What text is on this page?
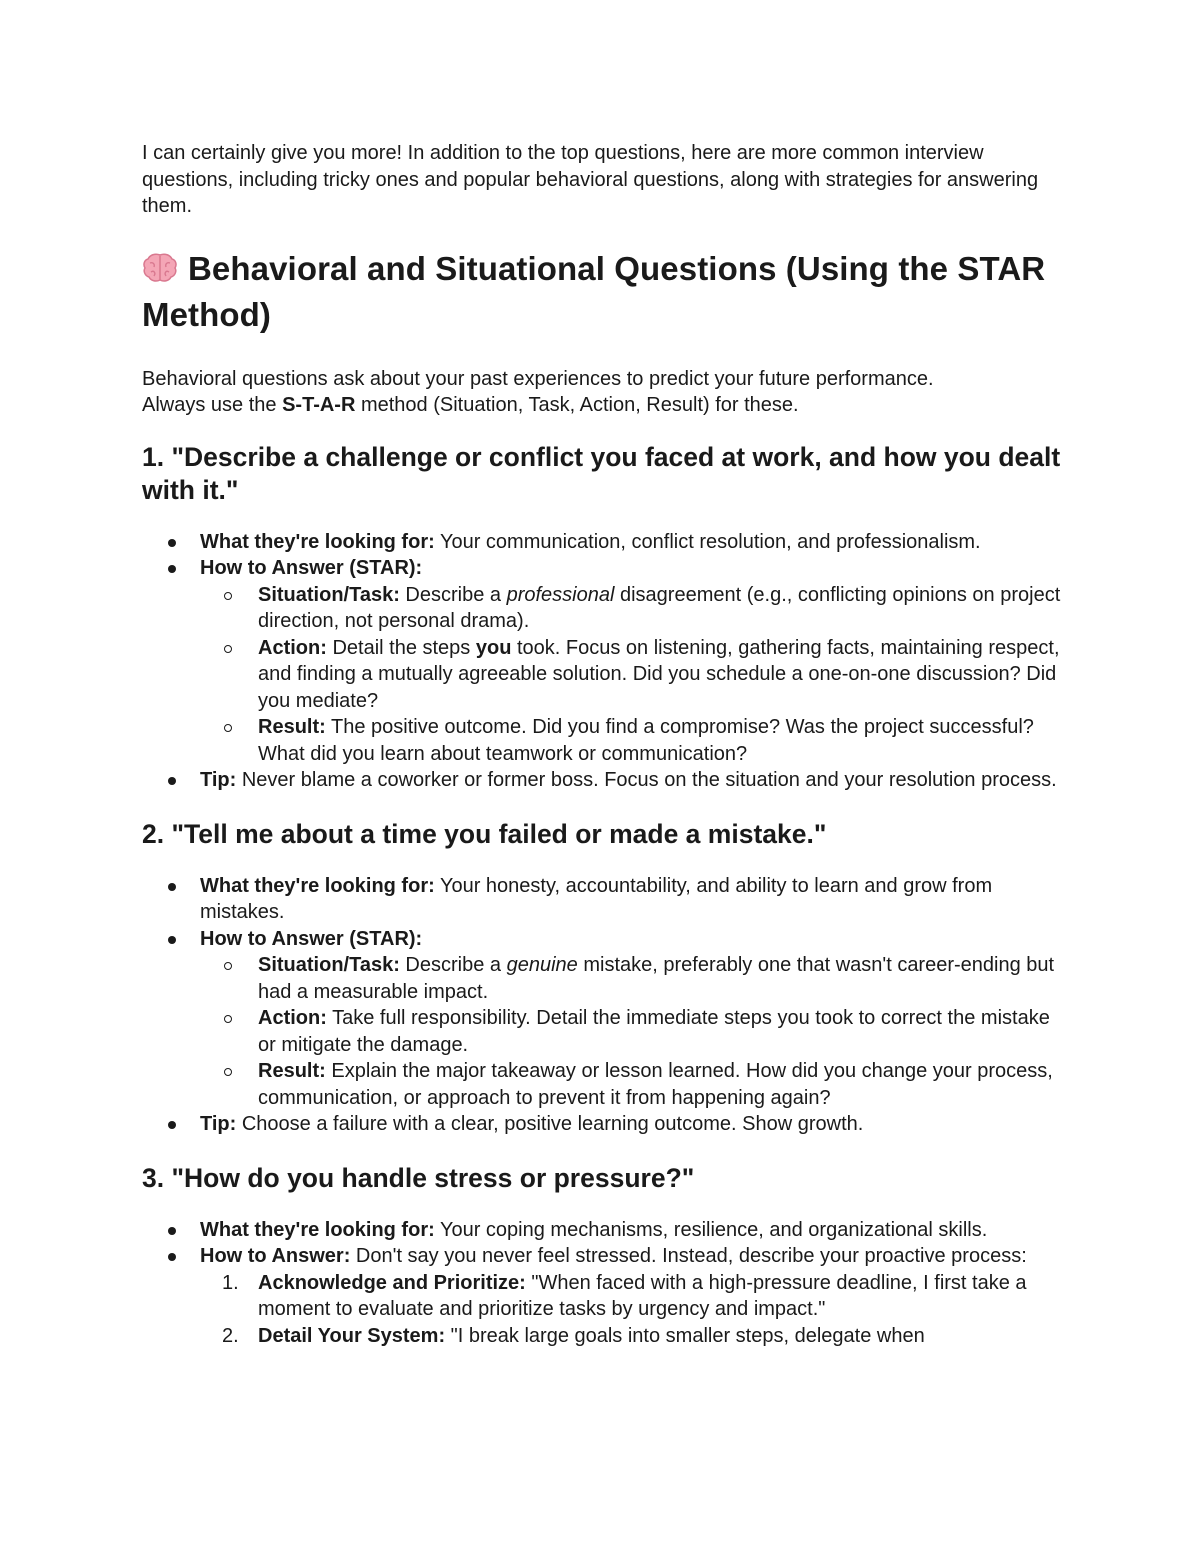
I can certainly give you more! In addition to the top questions, here are more common interview questions, including tricky ones and popular behavioral questions, along with strategies for answering them.

Behavioral and Situational Questions (Using the STAR Method)

Behavioral questions ask about your past experiences to predict your future performance.
Always use the S-T-A-R method (Situation, Task, Action, Result) for these.

1. "Describe a challenge or conflict you faced at work, and how you dealt with it."
What they're looking for: Your communication, conflict resolution, and professionalism.
How to Answer (STAR):
Situation/Task: Describe a professional disagreement (e.g., conflicting opinions on project direction, not personal drama).
Action: Detail the steps you took. Focus on listening, gathering facts, maintaining respect, and finding a mutually agreeable solution. Did you schedule a one-on-one discussion? Did you mediate?
Result: The positive outcome. Did you find a compromise? Was the project successful? What did you learn about teamwork or communication?
Tip: Never blame a coworker or former boss. Focus on the situation and your resolution process.
2. "Tell me about a time you failed or made a mistake."
What they're looking for: Your honesty, accountability, and ability to learn and grow from mistakes.
How to Answer (STAR):
Situation/Task: Describe a genuine mistake, preferably one that wasn't career-ending but had a measurable impact.
Action: Take full responsibility. Detail the immediate steps you took to correct the mistake or mitigate the damage.
Result: Explain the major takeaway or lesson learned. How did you change your process, communication, or approach to prevent it from happening again?
Tip: Choose a failure with a clear, positive learning outcome. Show growth.
3. "How do you handle stress or pressure?"
What they're looking for: Your coping mechanisms, resilience, and organizational skills.
How to Answer: Don't say you never feel stressed. Instead, describe your proactive process:
1. Acknowledge and Prioritize: "When faced with a high-pressure deadline, I first take a moment to evaluate and prioritize tasks by urgency and impact."
2. Detail Your System: "I break large goals into smaller steps, delegate when
